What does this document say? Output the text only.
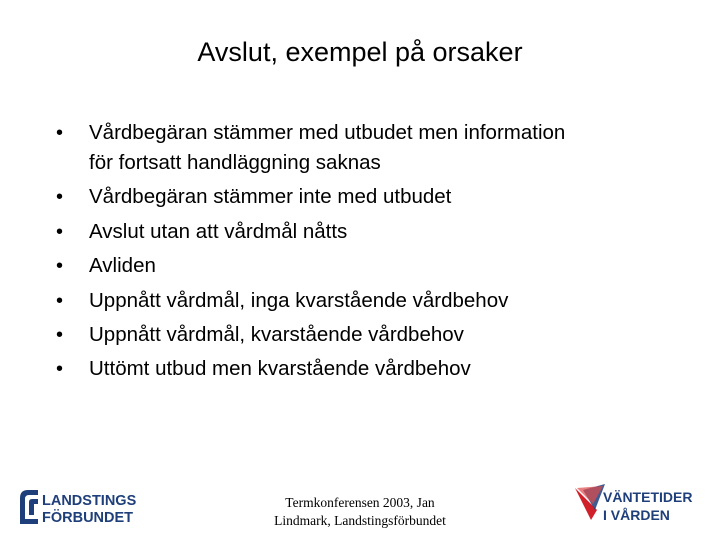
Avslut, exempel på orsaker
• Vårdbegäran stämmer med utbudet men information
för fortsatt handläggning saknas
• Vårdbegäran stämmer inte med utbudet
• Avslut utan att vårdmål nåtts
• Avliden
• Uppnått vårdmål, inga kvarstående vårdbehov
• Uppnått vårdmål, kvarstående vårdbehov
• Uttömt utbud men kvarstående vårdbehov
LANDSTINGS
FÖRBUNDET
Termkonferensen 2003, Jan
Lindmark, Landstingsförbundet
VÄNTETIDER
I VÅRDEN
